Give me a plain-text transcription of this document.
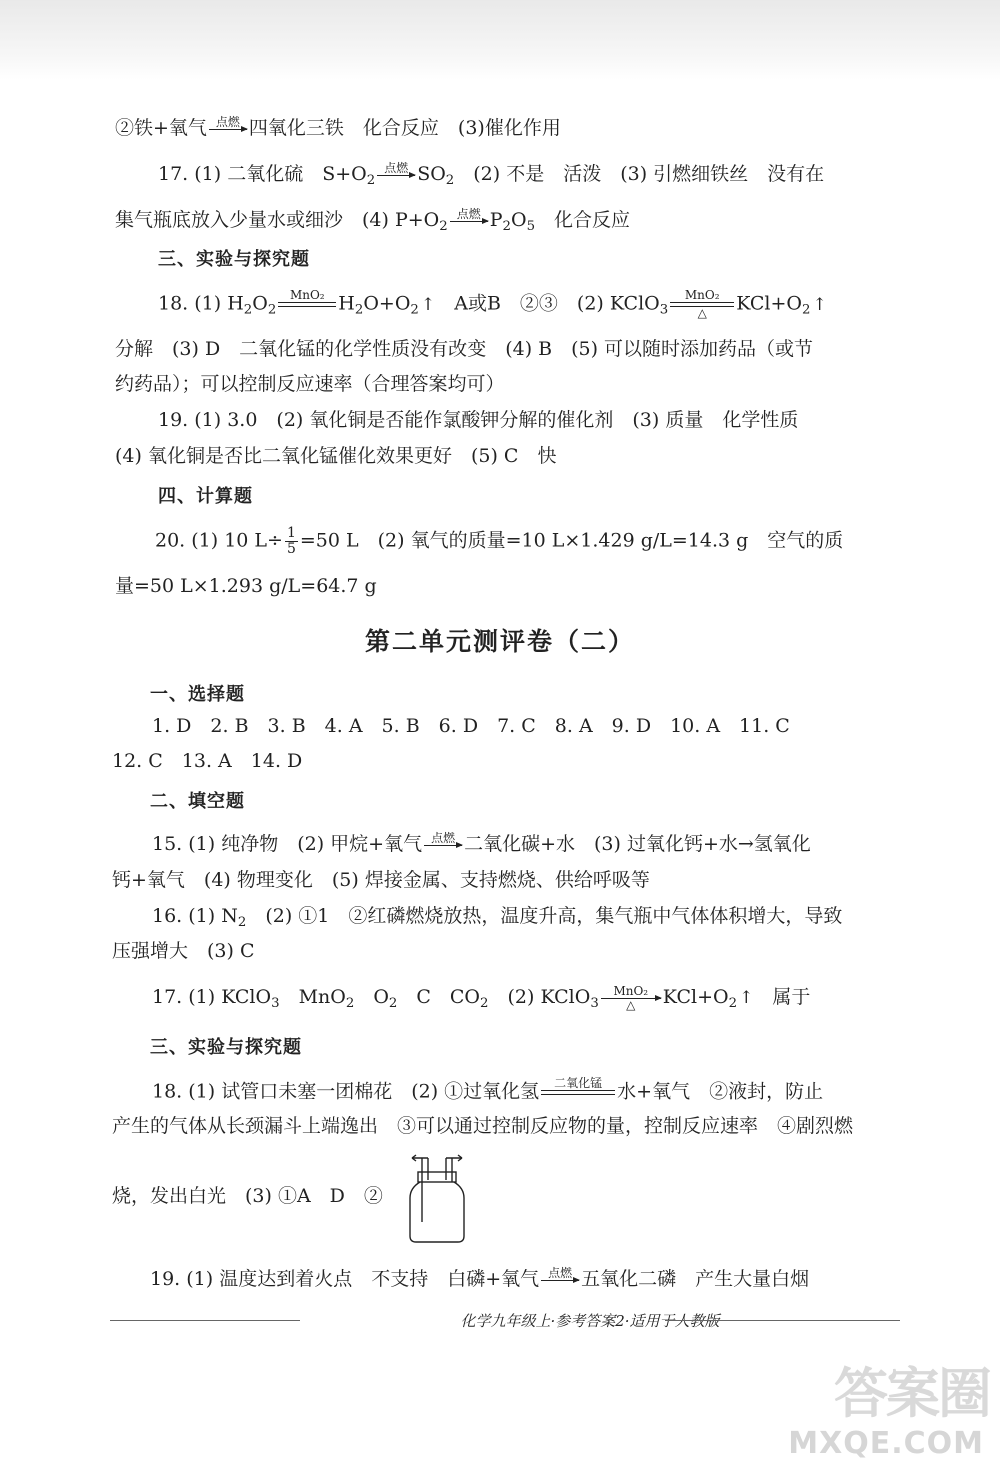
②铁+氧气 点燃 四氧化三铁　化合反应　(3)催化作用
17. (1) 二氧化硫　$S+O_2$
点燃 $SO_2$　(2) 不是　活泼　(3) 引燃细铁丝　没有在
集气瓶底放入少量水或细沙　(4) $P+O_2$
点燃 $P_2O_5$　化合反应
三、实验与探究题
18. (1) $H_2O_2$
MnO₂ $H_2O+O_2$ ↑　A或B　②③　(2) KClO$_3$
MnO₂
△	$KCl+O_2$ ↑
分解　(3) D　二氧化锰的化学性质没有改变　(4) B　(5) 可以随时添加药品（或节
约药品）；可以控制反应速率（合理答案均可）
19. (1) 3.0　(2) 氧化铜是否能作氯酸钾分解的催化剂　(3) 质量　化学性质
(4) 氧化铜是否比二氧化锰催化效果更好　(5) C　快
四、计算题
20. (1) 10 $L\div \frac{1}{5} =50$ L　(2) 氧气的质量=10 L×1.429 g/L=14.3 g　空气的质
量=50 L×1.293 g/L=64.7 g
第二单元测评卷（二）
一、选择题
1. D　2. B　3. B　4. A　5. B　6. D　7. C　8. A　9. D　10. A　11. C
12. C　13. A　14. D
二、填空题
15. (1) 纯净物　(2) 甲烷+氧气 点燃 二氧化碳+水　(3) 过氧化钙+水→氢氧化
钙+氧气　(4) 物理变化　(5) 焊接金属、支持燃烧、供给呼吸等
16. (1) $N_2$　(2) ①1　②红磷燃烧放热，温度升高，集气瓶中气体体积增大，导致
压强增大　(3) C
17. (1) KClO$_3$　MnO$_2$　$O_2$　C　$CO_2$　(2) KClO$_3$
MnO₂
△	$KCl+O_2$ ↑　属于
三、实验与探究题
18. (1) 试管口未塞一团棉花　(2) ①过氧化氢	二氧化锰 水+氧气　②液封，防止
产生的气体从长颈漏斗上端逸出　③可以通过控制反应物的量，控制反应速率　④剧烈燃
烧，发出白光　(3) ①A　D　②
19. (1) 温度达到着火点　不支持　白磷+氧气 点燃 五氧化二磷　产生大量白烟
化学九年级上·参考答案2·适用于人教版
答案圈
MXQE.COM
